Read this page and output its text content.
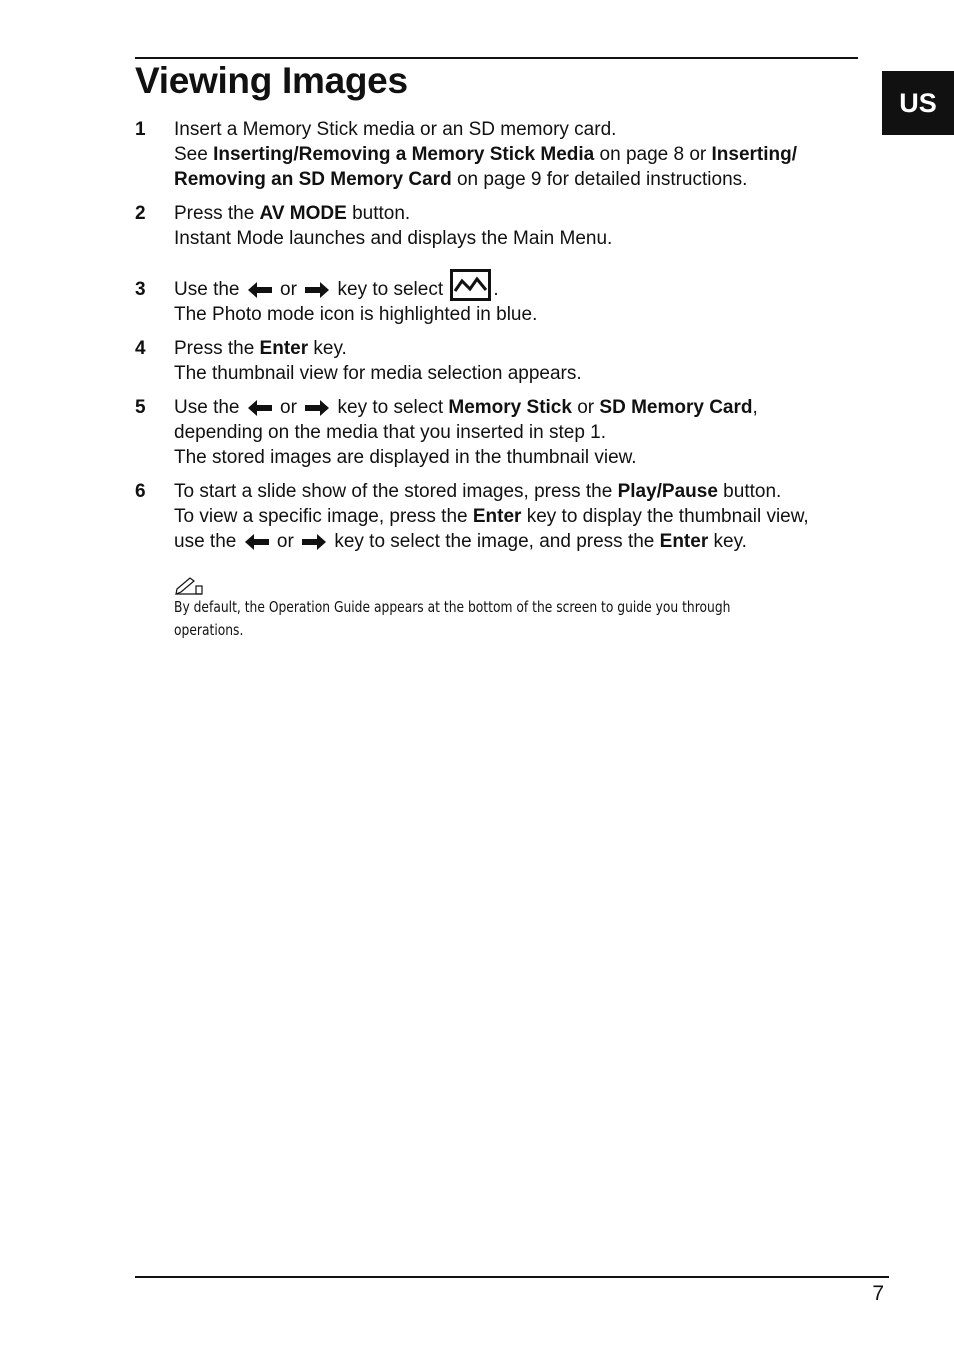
Viewing Images
US
1	Insert a Memory Stick media or an SD memory card.
See Inserting/Removing a Memory Stick Media on page 8 or Inserting/
Removing an SD Memory Card on page 9 for detailed instructions.
2	Press the AV MODE button.
Instant Mode launches and displays the Main Menu.
3	Use the  or  key to select .
The Photo mode icon is highlighted in blue.
4	Press the Enter key.
The thumbnail view for media selection appears.
5	Use the  or  key to select Memory Stick or SD Memory Card,
depending on the media that you inserted in step 1.
The stored images are displayed in the thumbnail view.
6	To start a slide show of the stored images, press the Play/Pause button.
To view a specific image, press the Enter key to display the thumbnail view,
use the  or  key to select the image, and press the Enter key.
By default, the Operation Guide appears at the bottom of the screen to guide you through
operations.
7
